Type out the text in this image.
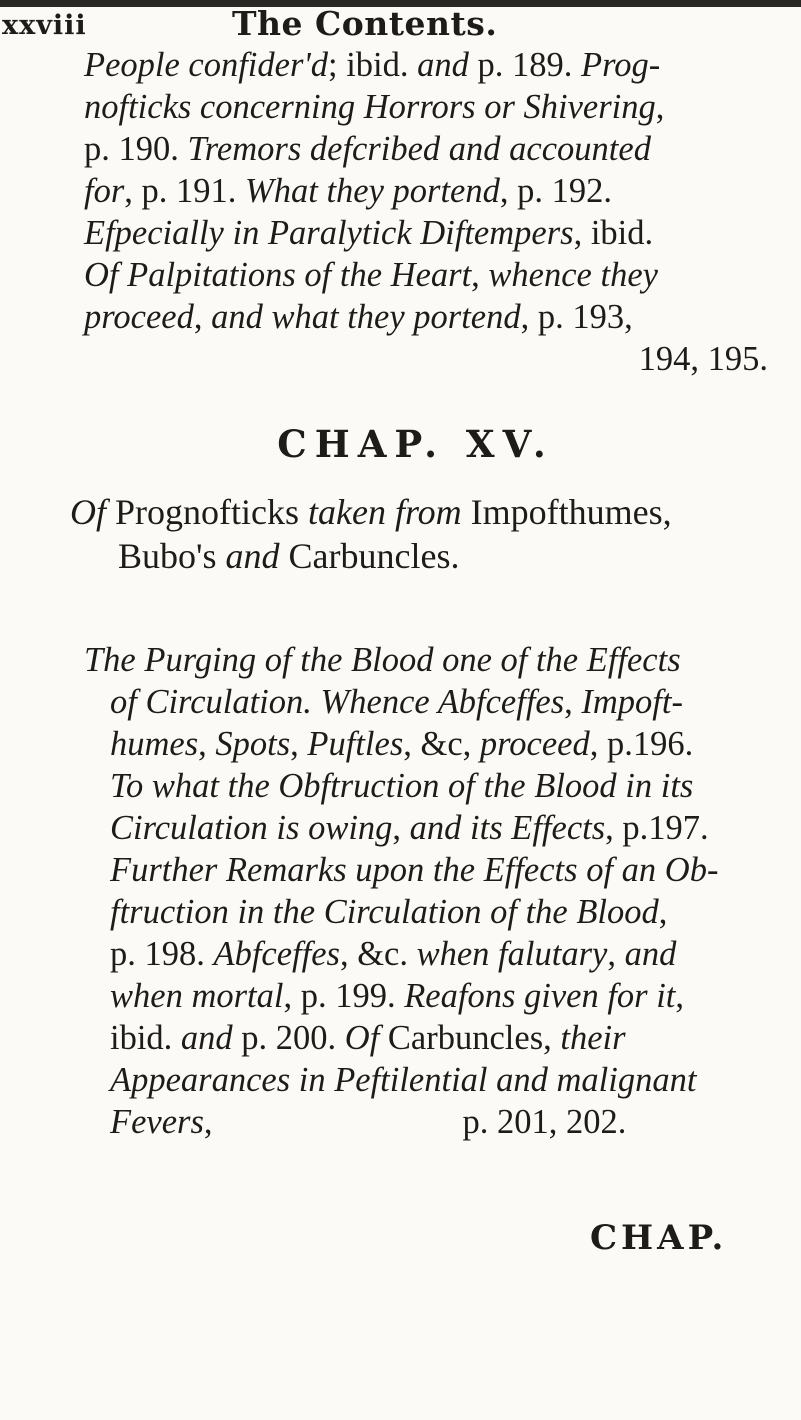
xxviii	The Contents.
People confider'd; ibid. and p. 189. Prog-
nofticks concerning Horrors or Shivering,
p. 190. Tremors defcribed and accounted
for, p. 191. What they portend, p. 192.
Efpecially in Paralytick Diftempers, ibid.
Of Palpitations of the Heart, whence they
proceed, and what they portend, p. 193,
194, 195.
CHAP. XV.
Of Prognofticks taken from Impofthumes,
Bubo's and Carbuncles.
The Purging of the Blood one of the Effects
of Circulation. Whence Abfceffes, Impoft-
humes, Spots, Puftles, &c, proceed, p.196.
To what the Obftruction of the Blood in its
Circulation is owing, and its Effects, p.197.
Further Remarks upon the Effects of an Ob-
ftruction in the Circulation of the Blood,
p. 198. Abfceffes, &c. when falutary, and
when mortal, p. 199. Reafons given for it,
ibid. and p. 200. Of Carbuncles, their
Appearances in Peftilential and malignant
Fevers,	p. 201, 202.
CHAP.
